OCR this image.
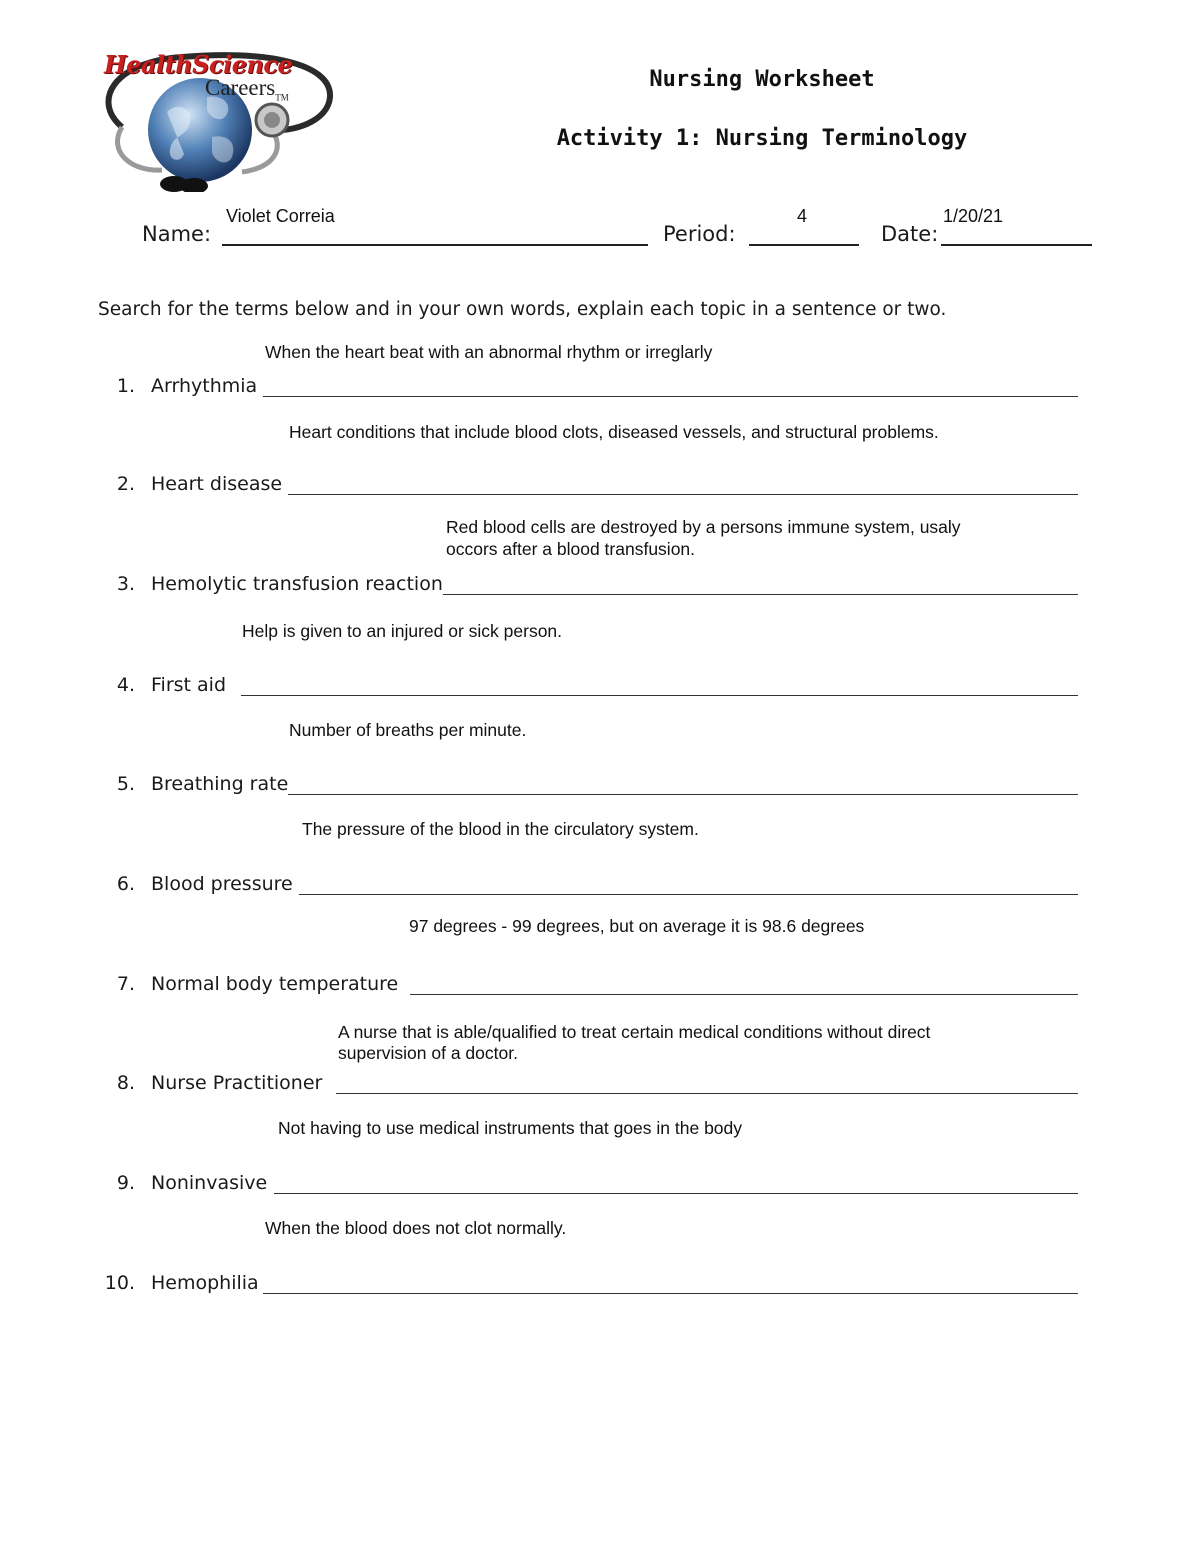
HealthScience
Careers$_{TM}$
Nursing Worksheet
Activity 1: Nursing Terminology
Violet Correia
Name:
4
Period:
1/20/21
Date:
Search for the terms below and in your own words, explain each topic in a sentence or two.
When the heart beat with an abnormal rhythm or irreglarly
1. Arrhythmia
Heart conditions that include blood clots, diseased vessels, and structural problems.
2. Heart disease
Red blood cells are destroyed by a persons immune system, usaly
occors after a blood transfusion.
3. Hemolytic transfusion reaction
Help is given to an injured or sick person.
4. First aid
Number of breaths per minute.
5. Breathing rate
The pressure of the blood in the circulatory system.
6. Blood pressure
97 degrees - 99 degrees, but on average it is 98.6 degrees
7. Normal body temperature
A nurse that is able/qualified to treat certain medical conditions without direct
supervision of a doctor.
8. Nurse Practitioner
Not having to use medical instruments that goes in the body
9. Noninvasive
When the blood does not clot normally.
10. Hemophilia
